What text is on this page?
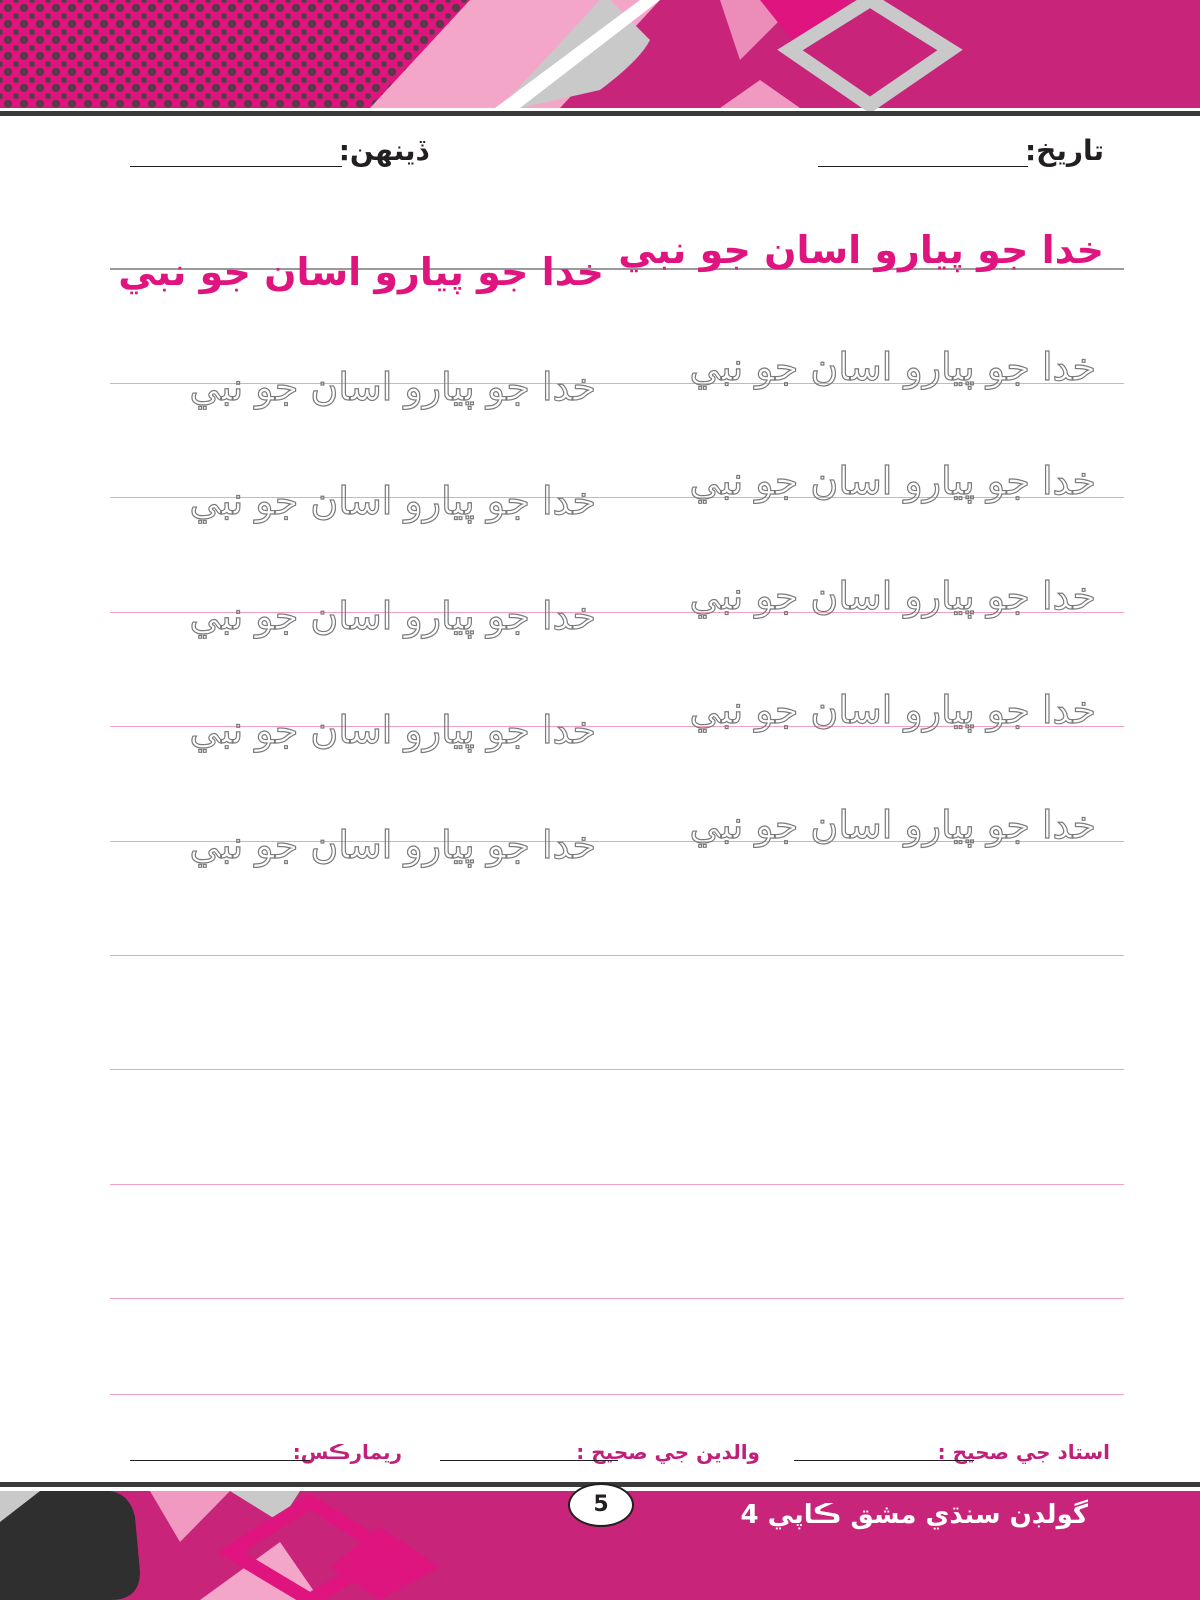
تاريخ:
ڏينهن:
خدا جو پيارو اسان جو نبي
خدا جو پيارو اسان جو نبي
خدا جو پيارو اسان جو نبي
خدا جو پيارو اسان جو نبي
خدا جو پيارو اسان جو نبي
خدا جو پيارو اسان جو نبي
خدا جو پيارو اسان جو نبي
خدا جو پيارو اسان جو نبي
خدا جو پيارو اسان جو نبي
خدا جو پيارو اسان جو نبي
خدا جو پيارو اسان جو نبي
خدا جو پيارو اسان جو نبي
استاد جي صحيح :
والدين جي صحيح :
ريمارڪس:
5	گولڊن سنڌي مشق ڪاپي 4
